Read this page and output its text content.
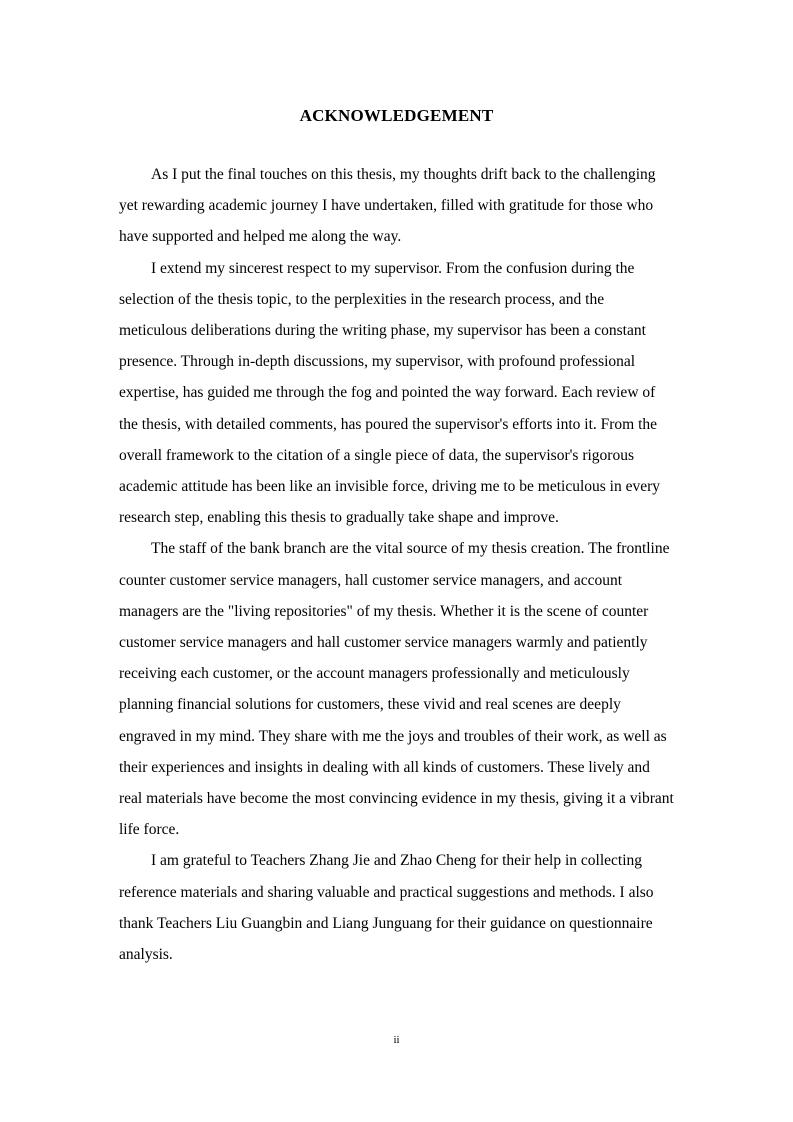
ACKNOWLEDGEMENT

As I put the final touches on this thesis, my thoughts drift back to the challenging yet rewarding academic journey I have undertaken, filled with gratitude for those who have supported and helped me along the way.

I extend my sincerest respect to my supervisor. From the confusion during the selection of the thesis topic, to the perplexities in the research process, and the meticulous deliberations during the writing phase, my supervisor has been a constant presence. Through in-depth discussions, my supervisor, with profound professional expertise, has guided me through the fog and pointed the way forward. Each review of the thesis, with detailed comments, has poured the supervisor's efforts into it. From the overall framework to the citation of a single piece of data, the supervisor's rigorous academic attitude has been like an invisible force, driving me to be meticulous in every research step, enabling this thesis to gradually take shape and improve.

The staff of the bank branch are the vital source of my thesis creation. The frontline counter customer service managers, hall customer service managers, and account managers are the "living repositories" of my thesis. Whether it is the scene of counter customer service managers and hall customer service managers warmly and patiently receiving each customer, or the account managers professionally and meticulously planning financial solutions for customers, these vivid and real scenes are deeply engraved in my mind. They share with me the joys and troubles of their work, as well as their experiences and insights in dealing with all kinds of customers. These lively and real materials have become the most convincing evidence in my thesis, giving it a vibrant life force.

I am grateful to Teachers Zhang Jie and Zhao Cheng for their help in collecting reference materials and sharing valuable and practical suggestions and methods. I also thank Teachers Liu Guangbin and Liang Junguang for their guidance on questionnaire analysis.

ii
